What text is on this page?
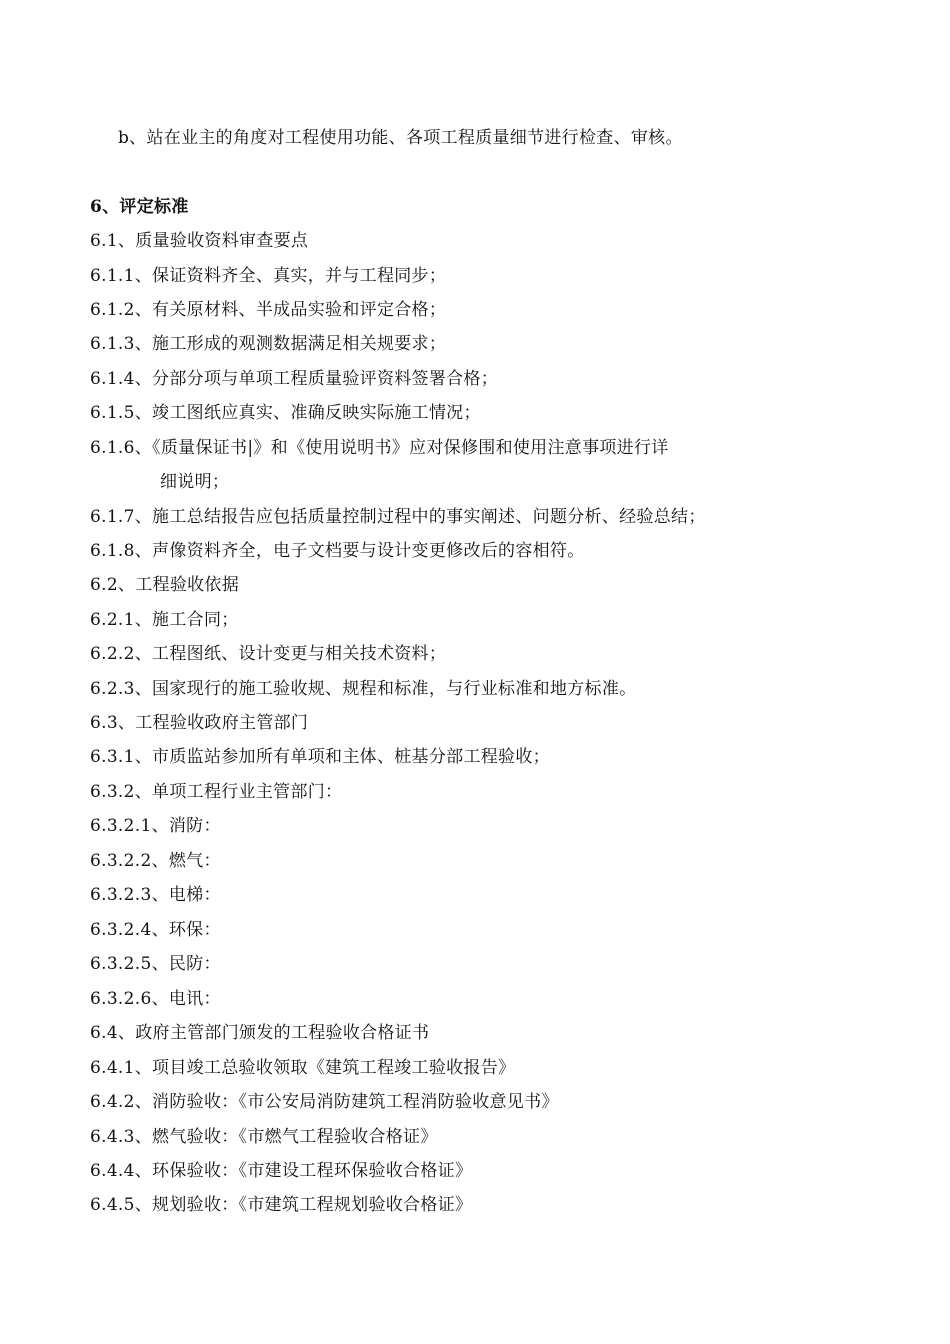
b、站在业主的角度对工程使用功能、各项工程质量细节进行检查、审核。
6、评定标准
6.1、质量验收资料审查要点
6.1.1、保证资料齐全、真实，并与工程同步；
6.1.2、有关原材料、半成品实验和评定合格；
6.1.3、施工形成的观测数据满足相关规要求；
6.1.4、分部分项与单项工程质量验评资料签署合格；
6.1.5、竣工图纸应真实、准确反映实际施工情况；
6.1.6、《质量保证书|》和《使用说明书》应对保修围和使用注意事项进行详
细说明；
6.1.7、施工总结报告应包括质量控制过程中的事实阐述、问题分析、经验总结；
6.1.8、声像资料齐全，电子文档要与设计变更修改后的容相符。
6.2、工程验收依据
6.2.1、施工合同；
6.2.2、工程图纸、设计变更与相关技术资料；
6.2.3、国家现行的施工验收规、规程和标准，与行业标准和地方标准。
6.3、工程验收政府主管部门
6.3.1、市质监站参加所有单项和主体、桩基分部工程验收；
6.3.2、单项工程行业主管部门：
6.3.2.1、消防：
6.3.2.2、燃气：
6.3.2.3、电梯：
6.3.2.4、环保：
6.3.2.5、民防：
6.3.2.6、电讯：
6.4、政府主管部门颁发的工程验收合格证书
6.4.1、项目竣工总验收领取《建筑工程竣工验收报告》
6.4.2、消防验收：《市公安局消防建筑工程消防验收意见书》
6.4.3、燃气验收：《市燃气工程验收合格证》
6.4.4、环保验收：《市建设工程环保验收合格证》
6.4.5、规划验收：《市建筑工程规划验收合格证》
